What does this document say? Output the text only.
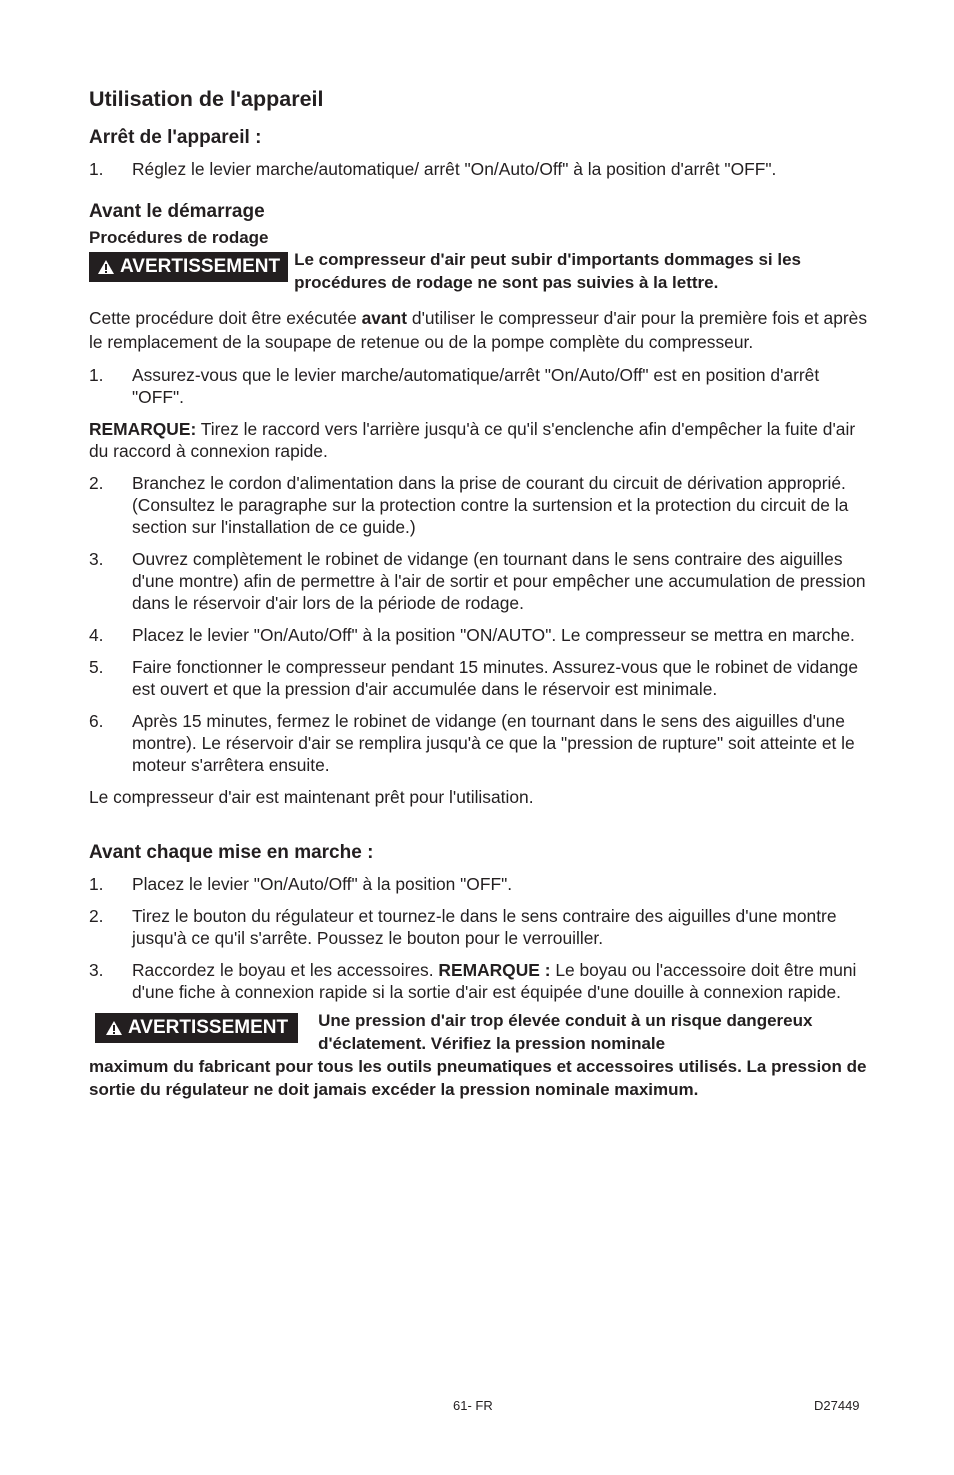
Utilisation de l'appareil
Arrêt de l'appareil :
1.	Réglez le levier marche/automatique/ arrêt "On/Auto/Off" à la position d'arrêt "OFF".
Avant le démarrage
Procédures de rodage
AVERTISSEMENT Le compresseur d'air peut subir d'importants dommages si les procédures de rodage ne sont pas suivies à la lettre.

Cette procédure doit être exécutée avant d'utiliser le compresseur d'air pour la première fois et après le remplacement de la soupape de retenue ou de la pompe complète du compresseur.

1.	Assurez-vous que le levier marche/automatique/arrêt "On/Auto/Off" est en position d'arrêt "OFF".

REMARQUE: Tirez le raccord vers l'arrière jusqu'à ce qu'il s'enclenche afin d'empêcher la fuite d'air du raccord à connexion rapide.

2.	Branchez le cordon d'alimentation dans la prise de courant du circuit de dérivation approprié. (Consultez le paragraphe sur la protection contre la surtension et la protection du circuit de la section sur l'installation de ce guide.)
3.	Ouvrez complètement le robinet de vidange (en tournant dans le sens contraire des aiguilles d'une montre) afin de permettre à l'air de sortir et pour empêcher une accumulation de pression dans le réservoir d'air lors de la période de rodage.
4.	Placez le levier "On/Auto/Off" à la position "ON/AUTO". Le compresseur se mettra en marche.
5.	Faire fonctionner le compresseur pendant 15 minutes. Assurez-vous que le robinet de vidange est ouvert et que la pression d'air accumulée dans le réservoir est minimale.
6.	Après 15 minutes, fermez le robinet de vidange (en tournant dans le sens des aiguilles d'une montre). Le réservoir d'air se remplira jusqu'à ce que la "pression de rupture" soit atteinte et le moteur s'arrêtera ensuite.

Le compresseur d'air est maintenant prêt pour l'utilisation.

Avant chaque mise en marche :
1.	Placez le levier "On/Auto/Off" à la position "OFF".
2.	Tirez le bouton du régulateur et tournez-le dans le sens contraire des aiguilles d'une montre jusqu'à ce qu'il s'arrête. Poussez le bouton pour le verrouiller.
3.	Raccordez le boyau et les accessoires. REMARQUE : Le boyau ou l'accessoire doit être muni d'une fiche à connexion rapide si la sortie d'air est équipée d'une douille à connexion rapide.
AVERTISSEMENT Une pression d'air trop élevée conduit à un risque dangereux d'éclatement. Vérifiez la pression nominale

maximum du fabricant pour tous les outils pneumatiques et accessoires utilisés. La pression de sortie du régulateur ne doit jamais excéder la pression nominale maximum.

61- FR	D27449
